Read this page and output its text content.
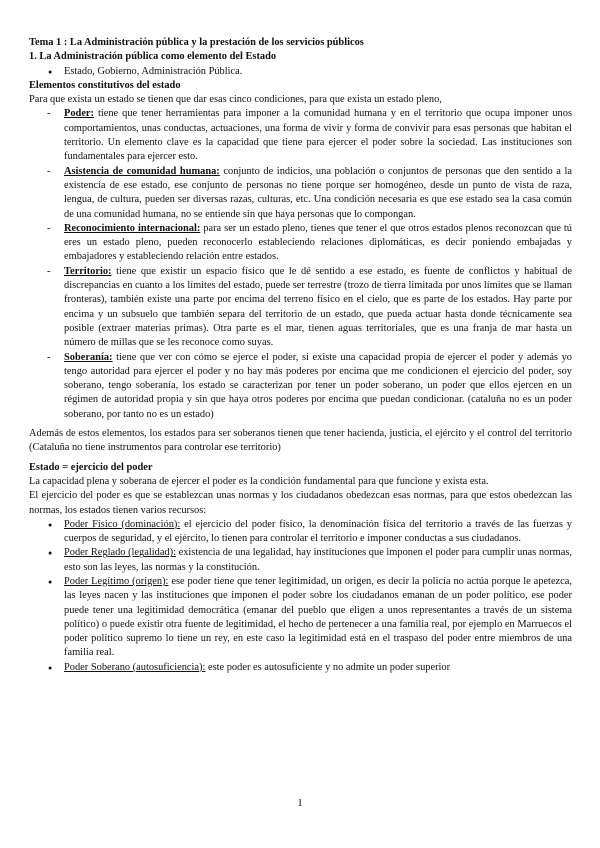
Tema 1 : La Administración pública y la prestación de los servicios públicos

1. La Administración pública como elemento del Estado

● Estado, Gobierno, Administración Pública.

Elementos constitutivos del estado

Para que exista un estado se tienen que dar esas cinco condiciones, para que exista un estado pleno,

- Poder: tiene que tener herramientas para imponer a la comunidad humana y en el territorio que ocupa imponer unos comportamientos, unas conductas, actuaciones, una forma de vivir y forma de convivir para esas personas que habitan el territorio. Un elemento clave es la capacidad que tiene para ejercer el poder sobre la sociedad. Las instituciones son fundamentales para ejercer esto.
- Asistencia de comunidad humana: conjunto de indicios, una población o conjuntos de personas que den sentido a la existencia de ese estado, ese conjunto de personas no tiene porque ser homogéneo, desde un punto de vista de raza, lengua, de cultura, pueden ser diversas razas, culturas, etc. Una condición necesaria es que ese estado sea la casa común de una comunidad humana, no se entiende sin que haya personas que lo compongan.
- Reconocimiento internacional: para ser un estado pleno, tienes que tener el que otros estados plenos reconozcan que tú eres un estado pleno, pueden reconocerlo estableciendo relaciones diplomáticas, es decir poniendo embajadas y embajadores y estableciendo relación entre estados.
- Territorio: tiene que existir un espacio físico que le dé sentido a ese estado, es fuente de conflictos y habitual de discrepancias en cuanto a los límites del estado, puede ser terrestre (trozo de tierra limitada por unos límites que se llaman fronteras), también existe una parte por encima del terreno físico en el cielo, que es parte de los estados. Hay parte por encima y un subsuelo que también separa del territorio de un estado, que pueda actuar hasta donde técnicamente sea posible (extraer materias primas). Otra parte es el mar, tienen aguas territoriales, que es una franja de mar hasta un número de millas que se les reconoce como suyas.
- Soberanía: tiene que ver con cómo se ejerce el poder, si existe una capacidad propia de ejercer el poder y además yo tengo autoridad para ejercer el poder y no hay más poderes por encima que me condicionen el ejercicio del poder, soy soberano, tengo soberanía, los estado se caracterizan por tener un poder soberano, un poder que ellos ejercen en un régimen de autoridad propia y sin que haya otros poderes por encima que puedan condicionar. (cataluña no es un poder soberano, por tanto no es un estado)

Además de estos elementos, los estados para ser soberanos tienen que tener hacienda, justicia, el ejército y el control del territorio (Cataluña no tiene instrumentos para controlar ese territorio)

Estado = ejercicio del poder

La capacidad plena y soberana de ejercer el poder es la condición fundamental para que funcione y exista esta.

El ejercicio del poder es que se establezcan unas normas y los ciudadanos obedezcan esas normas, para que estos obedezcan las normas, los estados tienen varios recursos:

● Poder Físico (dominación): el ejercicio del poder físico, la denominación física del territorio a través de las fuerzas y cuerpos de seguridad, y el ejército, lo tienen para controlar el territorio e imponer conductas a sus ciudadanos.
● Poder Reglado (legalidad): existencia de una legalidad, hay instituciones que imponen el poder para cumplir unas normas, esto son las leyes, las normas y la constitución.
● Poder Legítimo (origen): ese poder tiene que tener legitimidad, un origen, es decir la policía no actúa porque le apetezca, las leyes nacen y las instituciones que imponen el poder sobre los ciudadanos emanan de un poder político, ese poder puede tener una legitimidad democrática (emanar del pueblo que eligen a unos representantes a través de un sistema político) o puede existir otra fuente de legitimidad, el hecho de pertenecer a una familia real, por ejemplo en Marruecos el poder político supremo lo tiene un rey, en este caso la legitimidad está en el traspaso del poder entre miembros de una familia real.
● Poder Soberano (autosuficiencia): este poder es autosuficiente y no admite un poder superior
1
